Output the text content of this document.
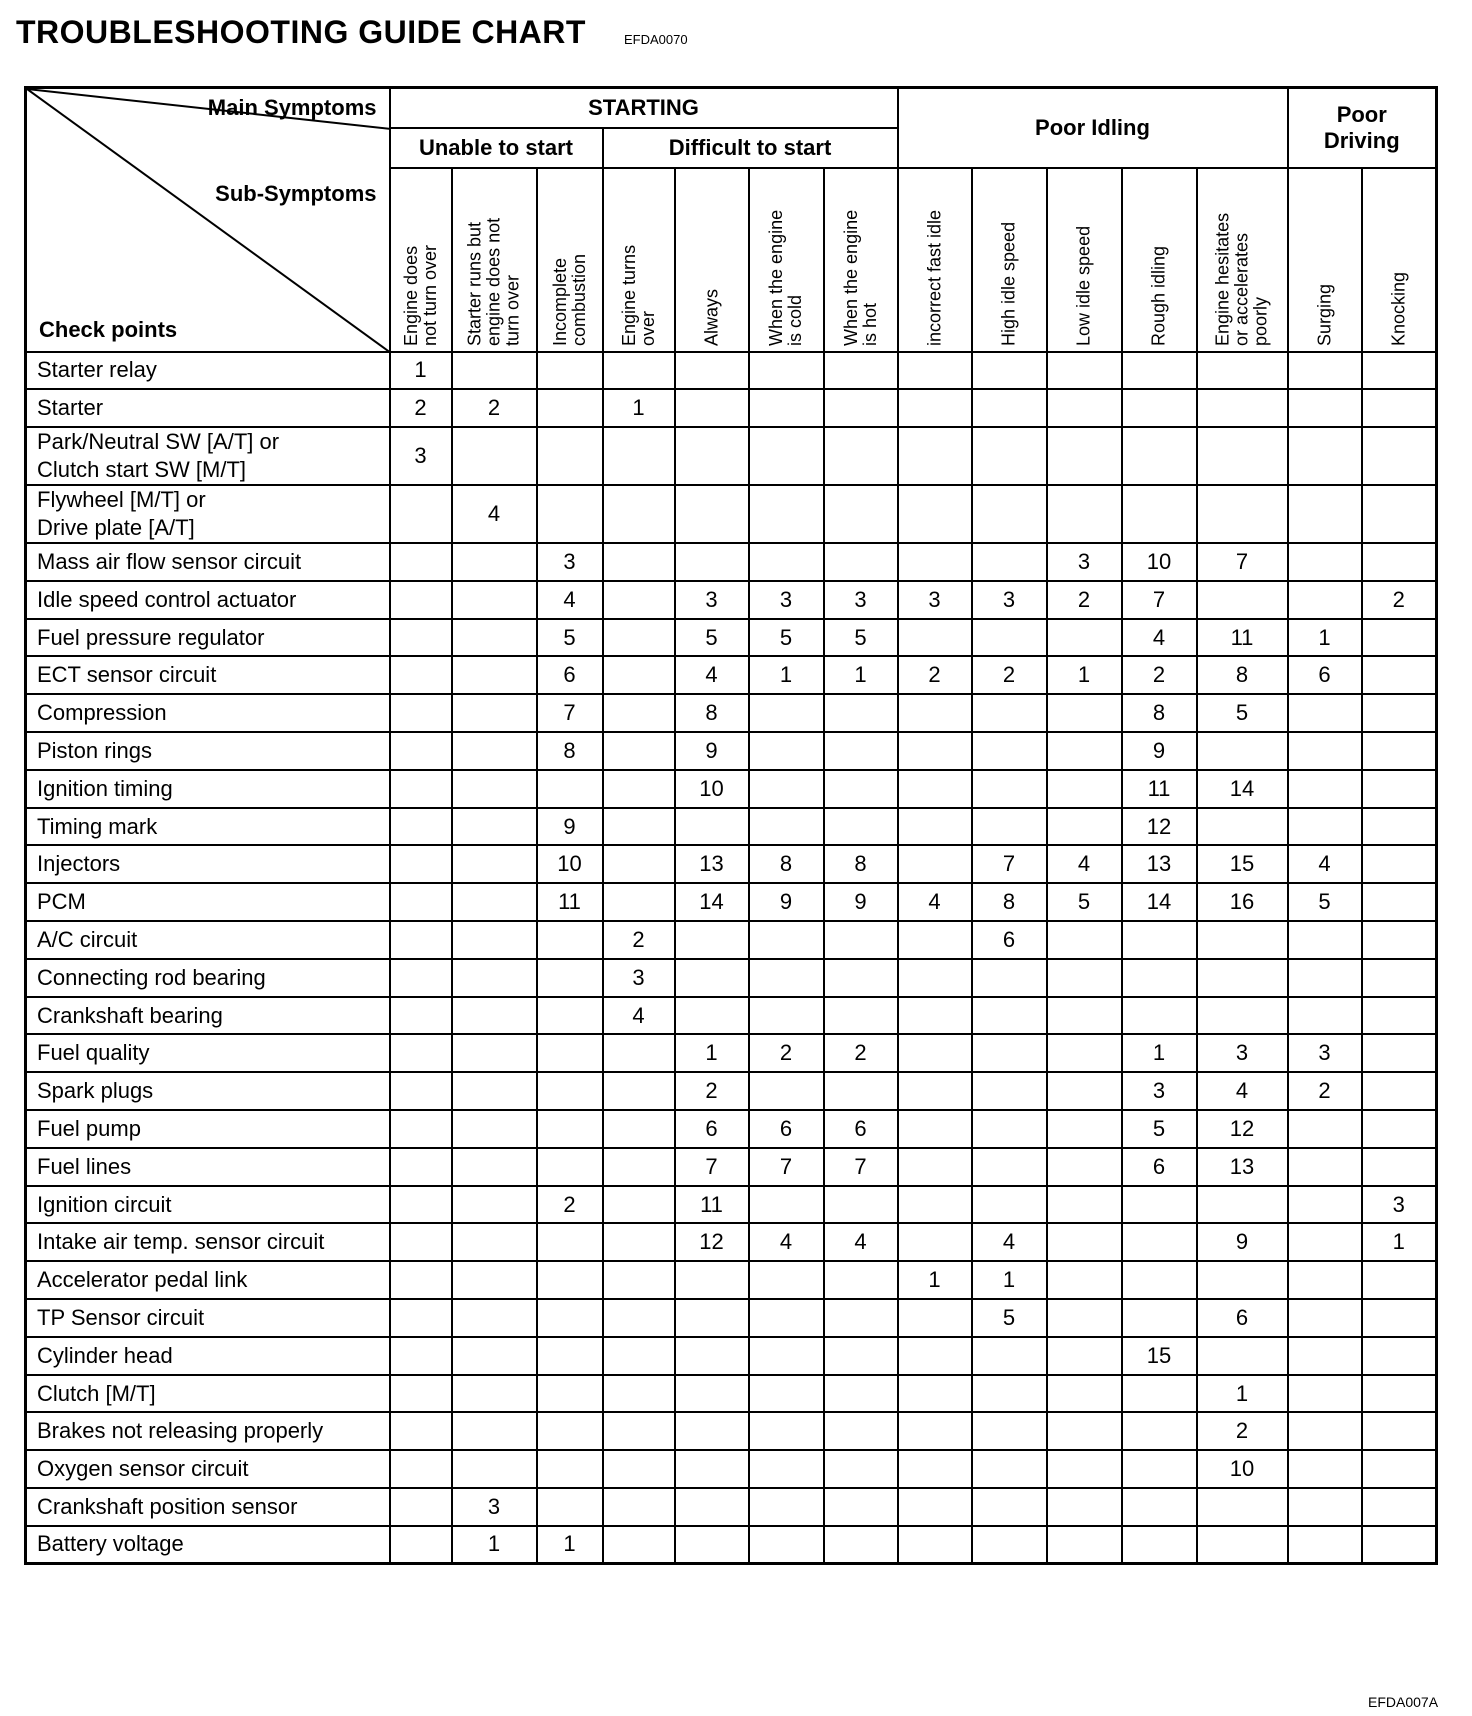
TROUBLESHOOTING GUIDE CHART	EFDA0070
Main Symptoms
Sub-Symptoms
Check points	STARTING							Poor Idling					Poor
Driving	
	Unable to start			Difficult to start										

	Engine does not turn over	Starter runs but engine does not turn over	Incomplete combustion	Engine turns over	Always	When the engine is cold	When the engine is hot	incorrect fast idle	High idle speed	Low idle speed	Rough idling	Engine hesitates or accelerates poorly	Surging	Knocking

Starter relay	1													
Starter	2	2		1										
Park/Neutral SW [A/T] or
Clutch start SW [M/T]	3													
Flywheel [M/T] or
Drive plate [A/T]		4												
Mass air flow sensor circuit			3							3	10	7		
Idle speed control actuator			4		3	3	3	3	3	2	7			2
Fuel pressure regulator			5		5	5	5				4	11	1	
ECT sensor circuit			6		4	1	1	2	2	1	2	8	6	
Compression			7		8						8	5		
Piston rings			8		9						9			
Ignition timing					10						11	14		
Timing mark			9								12			
Injectors			10		13	8	8		7	4	13	15	4	
PCM			11		14	9	9	4	8	5	14	16	5	
A/C circuit				2					6					
Connecting rod bearing				3										
Crankshaft bearing				4										
Fuel quality					1	2	2				1	3	3	
Spark plugs					2						3	4	2	
Fuel pump					6	6	6				5	12		
Fuel lines					7	7	7				6	13		
Ignition circuit			2		11									3
Intake air temp. sensor circuit					12	4	4		4			9		1
Accelerator pedal link								1	1					
TP Sensor circuit									5			6		
Cylinder head											15			
Clutch [M/T]												1		
Brakes not releasing properly												2		
Oxygen sensor circuit												10		
Crankshaft position sensor		3												
Battery voltage		1	1											
EFDA007A
